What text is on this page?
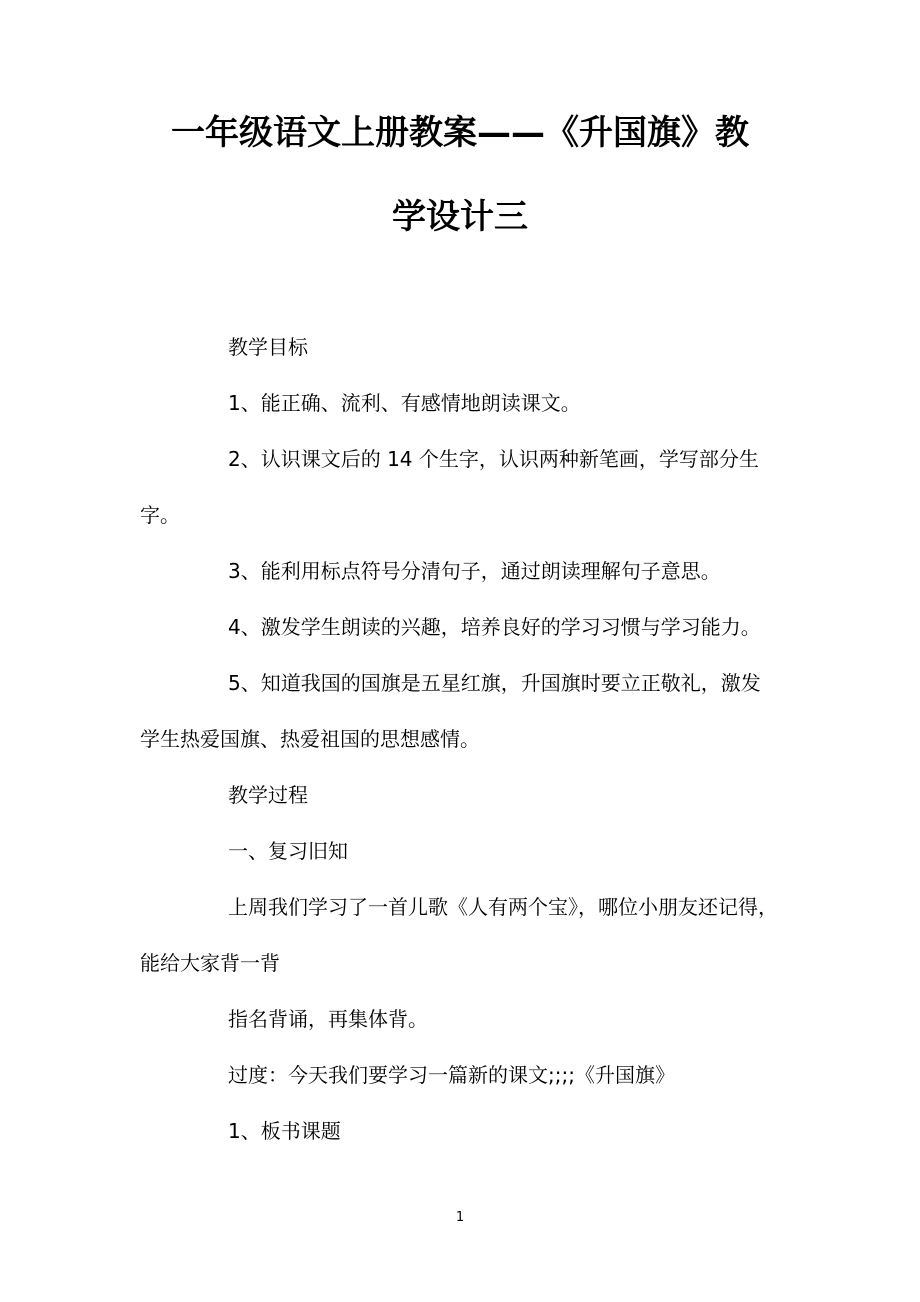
一年级语文上册教案——《升国旗》教
学设计三

教学目标

1、能正确、流利、有感情地朗读课文。

2、认识课文后的 14 个生字，认识两种新笔画，学写部分生字。

3、能利用标点符号分清句子，通过朗读理解句子意思。

4、激发学生朗读的兴趣，培养良好的学习习惯与学习能力。

5、知道我国的国旗是五星红旗，升国旗时要立正敬礼，激发学生热爱国旗、热爱祖国的思想感情。

教学过程

一、复习旧知

上周我们学习了一首儿歌《人有两个宝》，哪位小朋友还记得，能给大家背一背

指名背诵，再集体背。

过度：今天我们要学习一篇新的课文;;;;《升国旗》

1、板书课题

1
